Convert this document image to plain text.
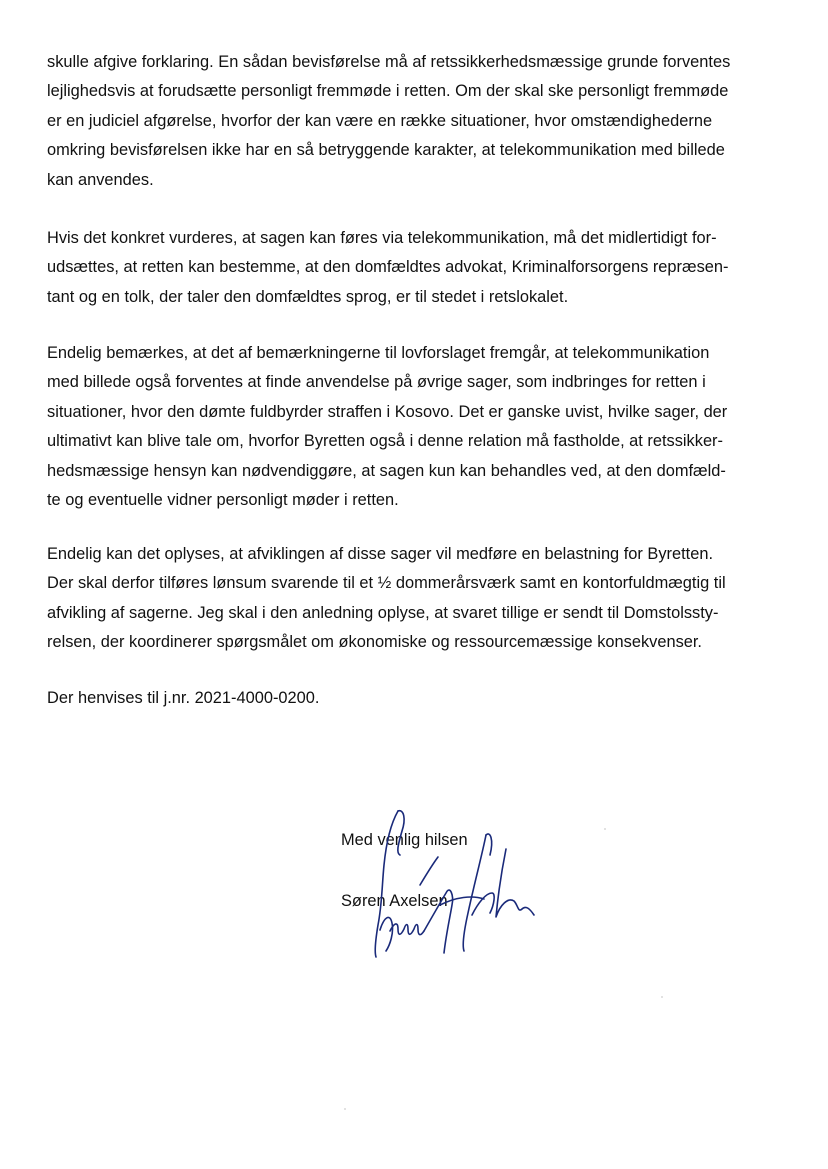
skulle afgive forklaring. En sådan bevisførelse må af retssikkerhedsmæssige grunde forventes
lejlighedsvis at forudsætte personligt fremmøde i retten. Om der skal ske personligt fremmøde
er en judiciel afgørelse, hvorfor der kan være en række situationer, hvor omstændighederne
omkring bevisførelsen ikke har en så betryggende karakter, at telekommunikation med billede
kan anvendes.

Hvis det konkret vurderes, at sagen kan føres via telekommunikation, må det midlertidigt for-
udsættes, at retten kan bestemme, at den domfældtes advokat, Kriminalforsorgens repræsen-
tant og en tolk, der taler den domfældtes sprog, er til stedet i retslokalet.

Endelig bemærkes, at det af bemærkningerne til lovforslaget fremgår, at telekommunikation
med billede også forventes at finde anvendelse på øvrige sager, som indbringes for retten i
situationer, hvor den dømte fuldbyrder straffen i Kosovo. Det er ganske uvist, hvilke sager, der
ultimativt kan blive tale om, hvorfor Byretten også i denne relation må fastholde, at retssikker-
hedsmæssige hensyn kan nødvendiggøre, at sagen kun kan behandles ved, at den domfæld-
te og eventuelle vidner personligt møder i retten.

Endelig kan det oplyses, at afviklingen af disse sager vil medføre en belastning for Byretten.
Der skal derfor tilføres lønsum svarende til et ½ dommerårsværk samt en kontorfuldmægtig til
afvikling af sagerne. Jeg skal i den anledning oplyse, at svaret tillige er sendt til Domstolssty-
relsen, der koordinerer spørgsmålet om økonomiske og ressourcemæssige konsekvenser.

Der henvises til j.nr. 2021-4000-0200.

Med venlig hilsen
Søren Axelsen
